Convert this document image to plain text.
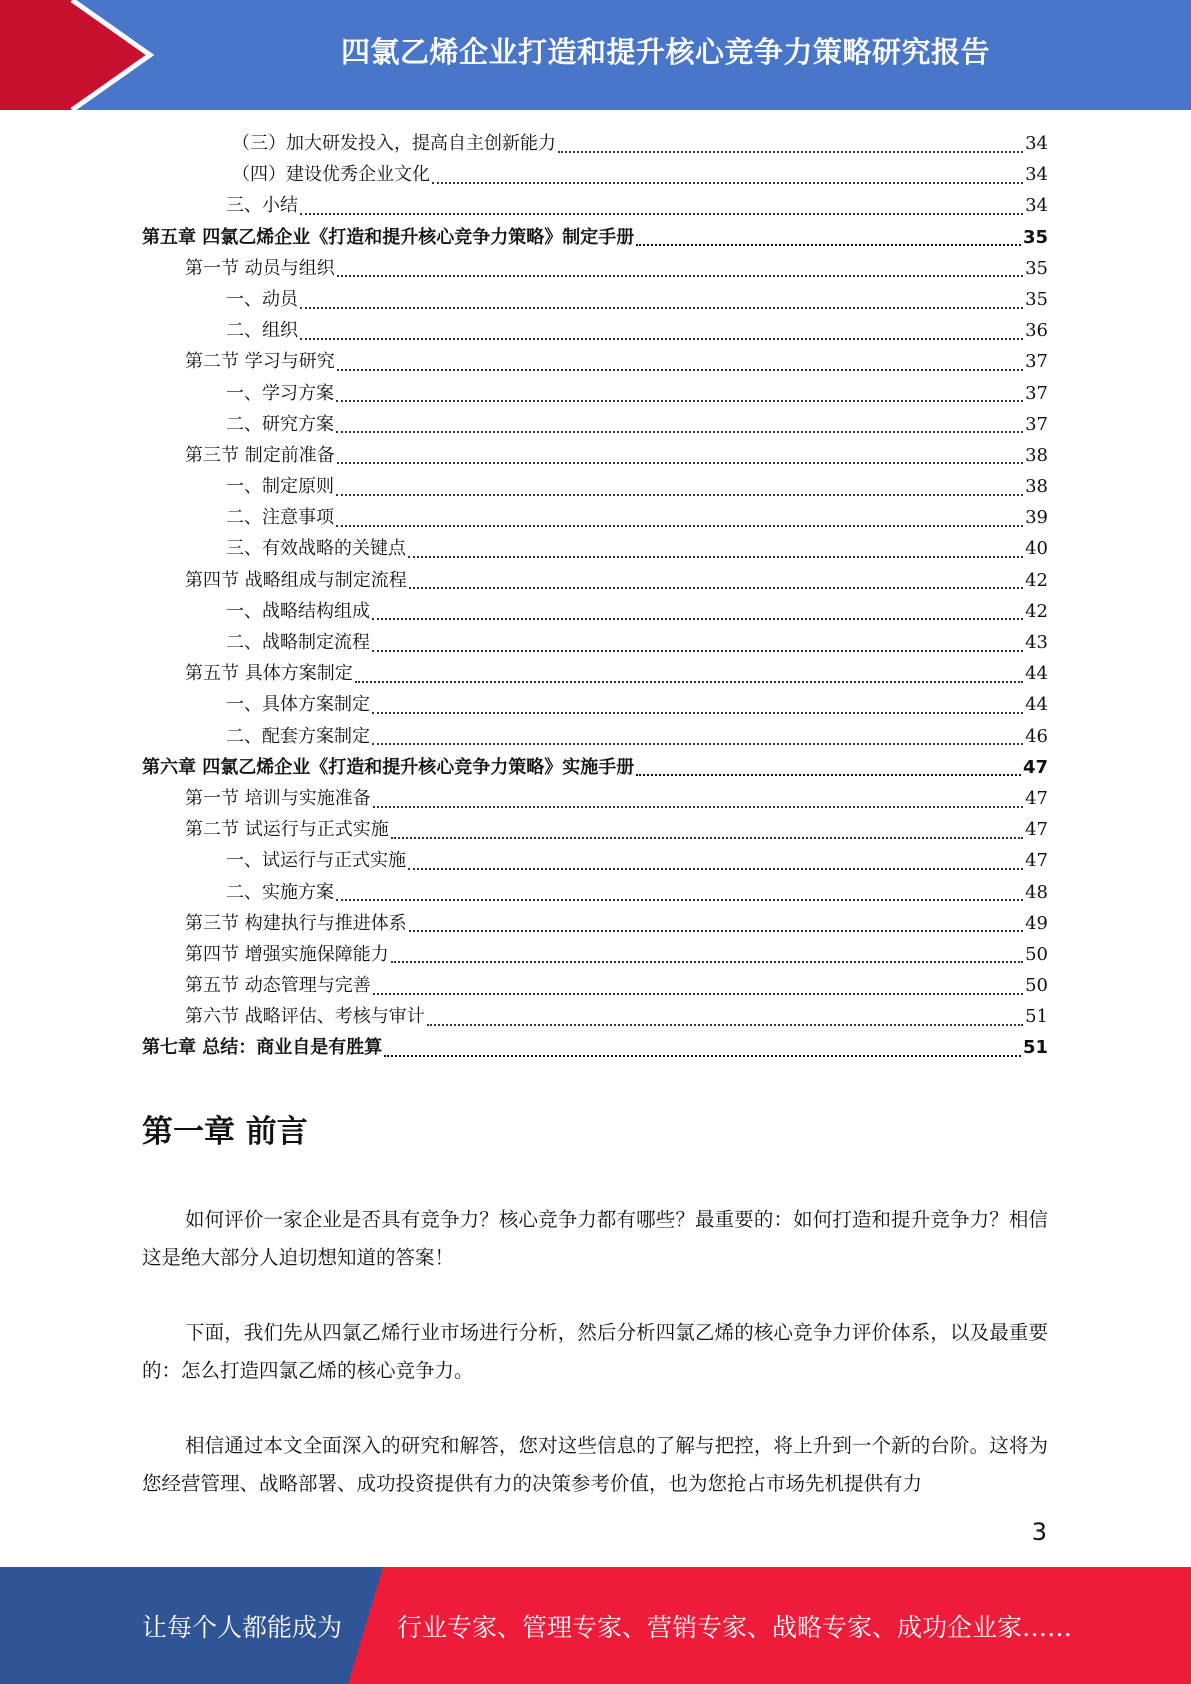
四氯乙烯企业打造和提升核心竞争力策略研究报告
（三）加大研发投入，提高自主创新能力	34
（四）建设优秀企业文化	34
三、小结	34
第五章 四氯乙烯企业《打造和提升核心竞争力策略》制定手册	35
第一节 动员与组织	35
一、动员	35
二、组织	36
第二节 学习与研究	37
一、学习方案	37
二、研究方案	37
第三节 制定前准备	38
一、制定原则	38
二、注意事项	39
三、有效战略的关键点	40
第四节 战略组成与制定流程	42
一、战略结构组成	42
二、战略制定流程	43
第五节 具体方案制定	44
一、具体方案制定	44
二、配套方案制定	46
第六章 四氯乙烯企业《打造和提升核心竞争力策略》实施手册	47
第一节 培训与实施准备	47
第二节 试运行与正式实施	47
一、试运行与正式实施	47
二、实施方案	48
第三节 构建执行与推进体系	49
第四节 增强实施保障能力	50
第五节 动态管理与完善	50
第六节 战略评估、考核与审计	51
第七章 总结：商业自是有胜算	51
第一章 前言

如何评价一家企业是否具有竞争力？核心竞争力都有哪些？最重要的：如何打造和提升竞争力？相信这是绝大部分人迫切想知道的答案！

下面，我们先从四氯乙烯行业市场进行分析，然后分析四氯乙烯的核心竞争力评价体系，以及最重要的：怎么打造四氯乙烯的核心竞争力。

相信通过本文全面深入的研究和解答，您对这些信息的了解与把控，将上升到一个新的台阶。这将为您经营管理、战略部署、成功投资提供有力的决策参考价值，也为您抢占市场先机提供有力

3
让每个人都能成为 行业专家、管理专家、营销专家、战略专家、成功企业家……
